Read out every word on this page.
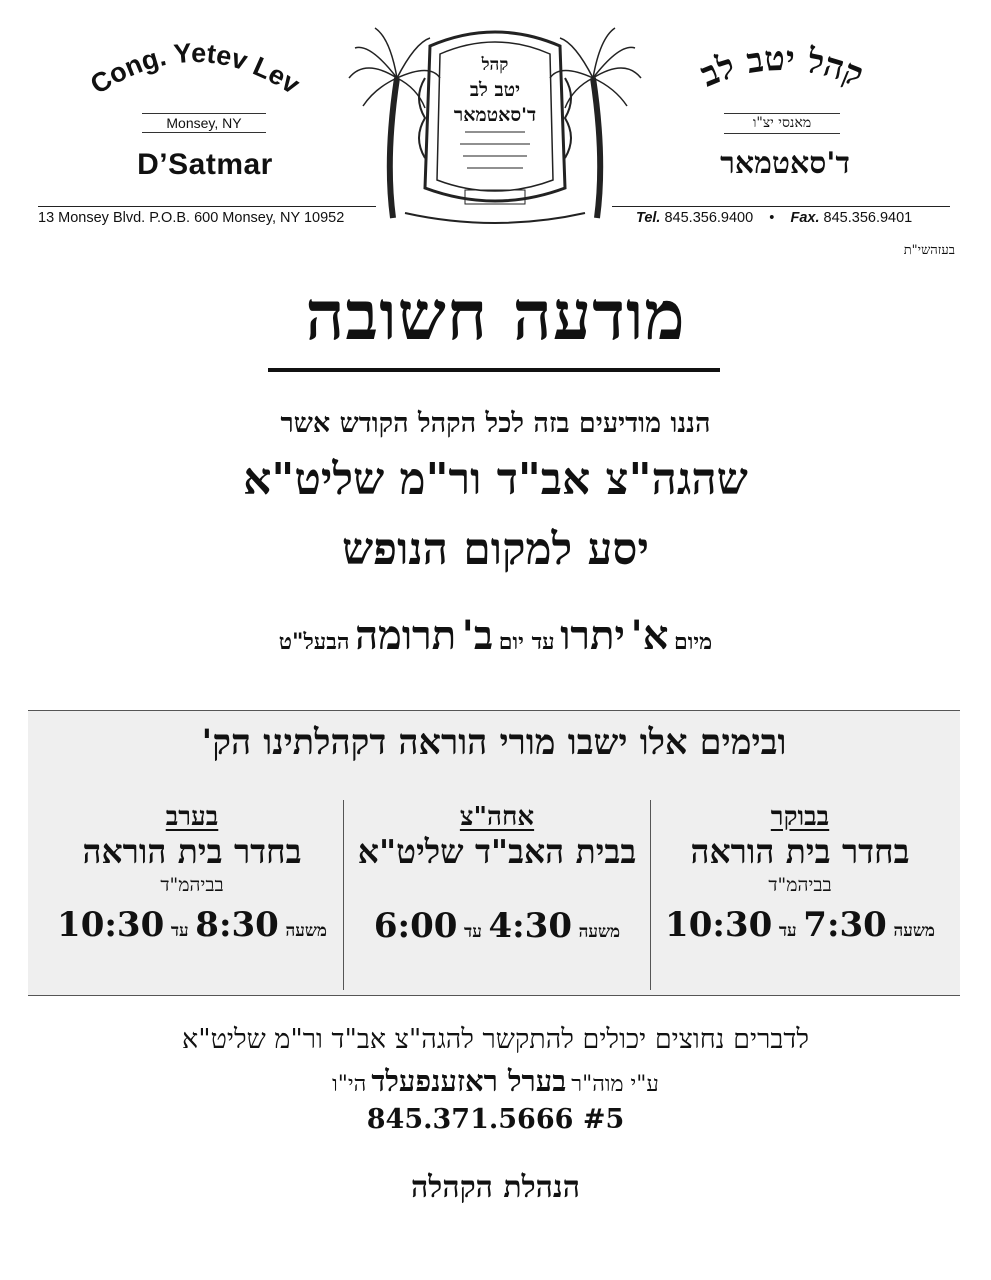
Cong. Yetev Lev
Monsey, NY
D’Satmar
קהל יטב לב
מאנסי יצ"ו
ד'סאטמאר
קהל
יטב לב
ד'סאטמאר
13 Monsey Blvd. P.O.B. 600 Monsey, NY 10952	Tel. 845.356.9400    •    Fax. 845.356.9401
בעזהשי"ת
מודעה חשובה
הננו מודיעים בזה לכל הקהל הקודש אשר
שהגה"צ אב"ד ור"מ שליט"א
יסע למקום הנופש
מיום א' יתרו עד יום ב' תרומה הבעל"ט
ובימים אלו ישבו מורי הוראה דקהלתינו הק'
בבוקר
בחדר בית הוראה
בביהמ"ד
משעה 7:30 עד 10:30
אחה"צ
בבית האב"ד שליט"א
משעה 4:30 עד 6:00
בערב
בחדר בית הוראה
בביהמ"ד
משעה 8:30 עד 10:30
לדברים נחוצים יכולים להתקשר להגה"צ אב"ד ור"מ שליט"א
ע"י מוה"ר בערל ראזענפעלד הי"ו
845.371.5666 #5
הנהלת הקהלה
